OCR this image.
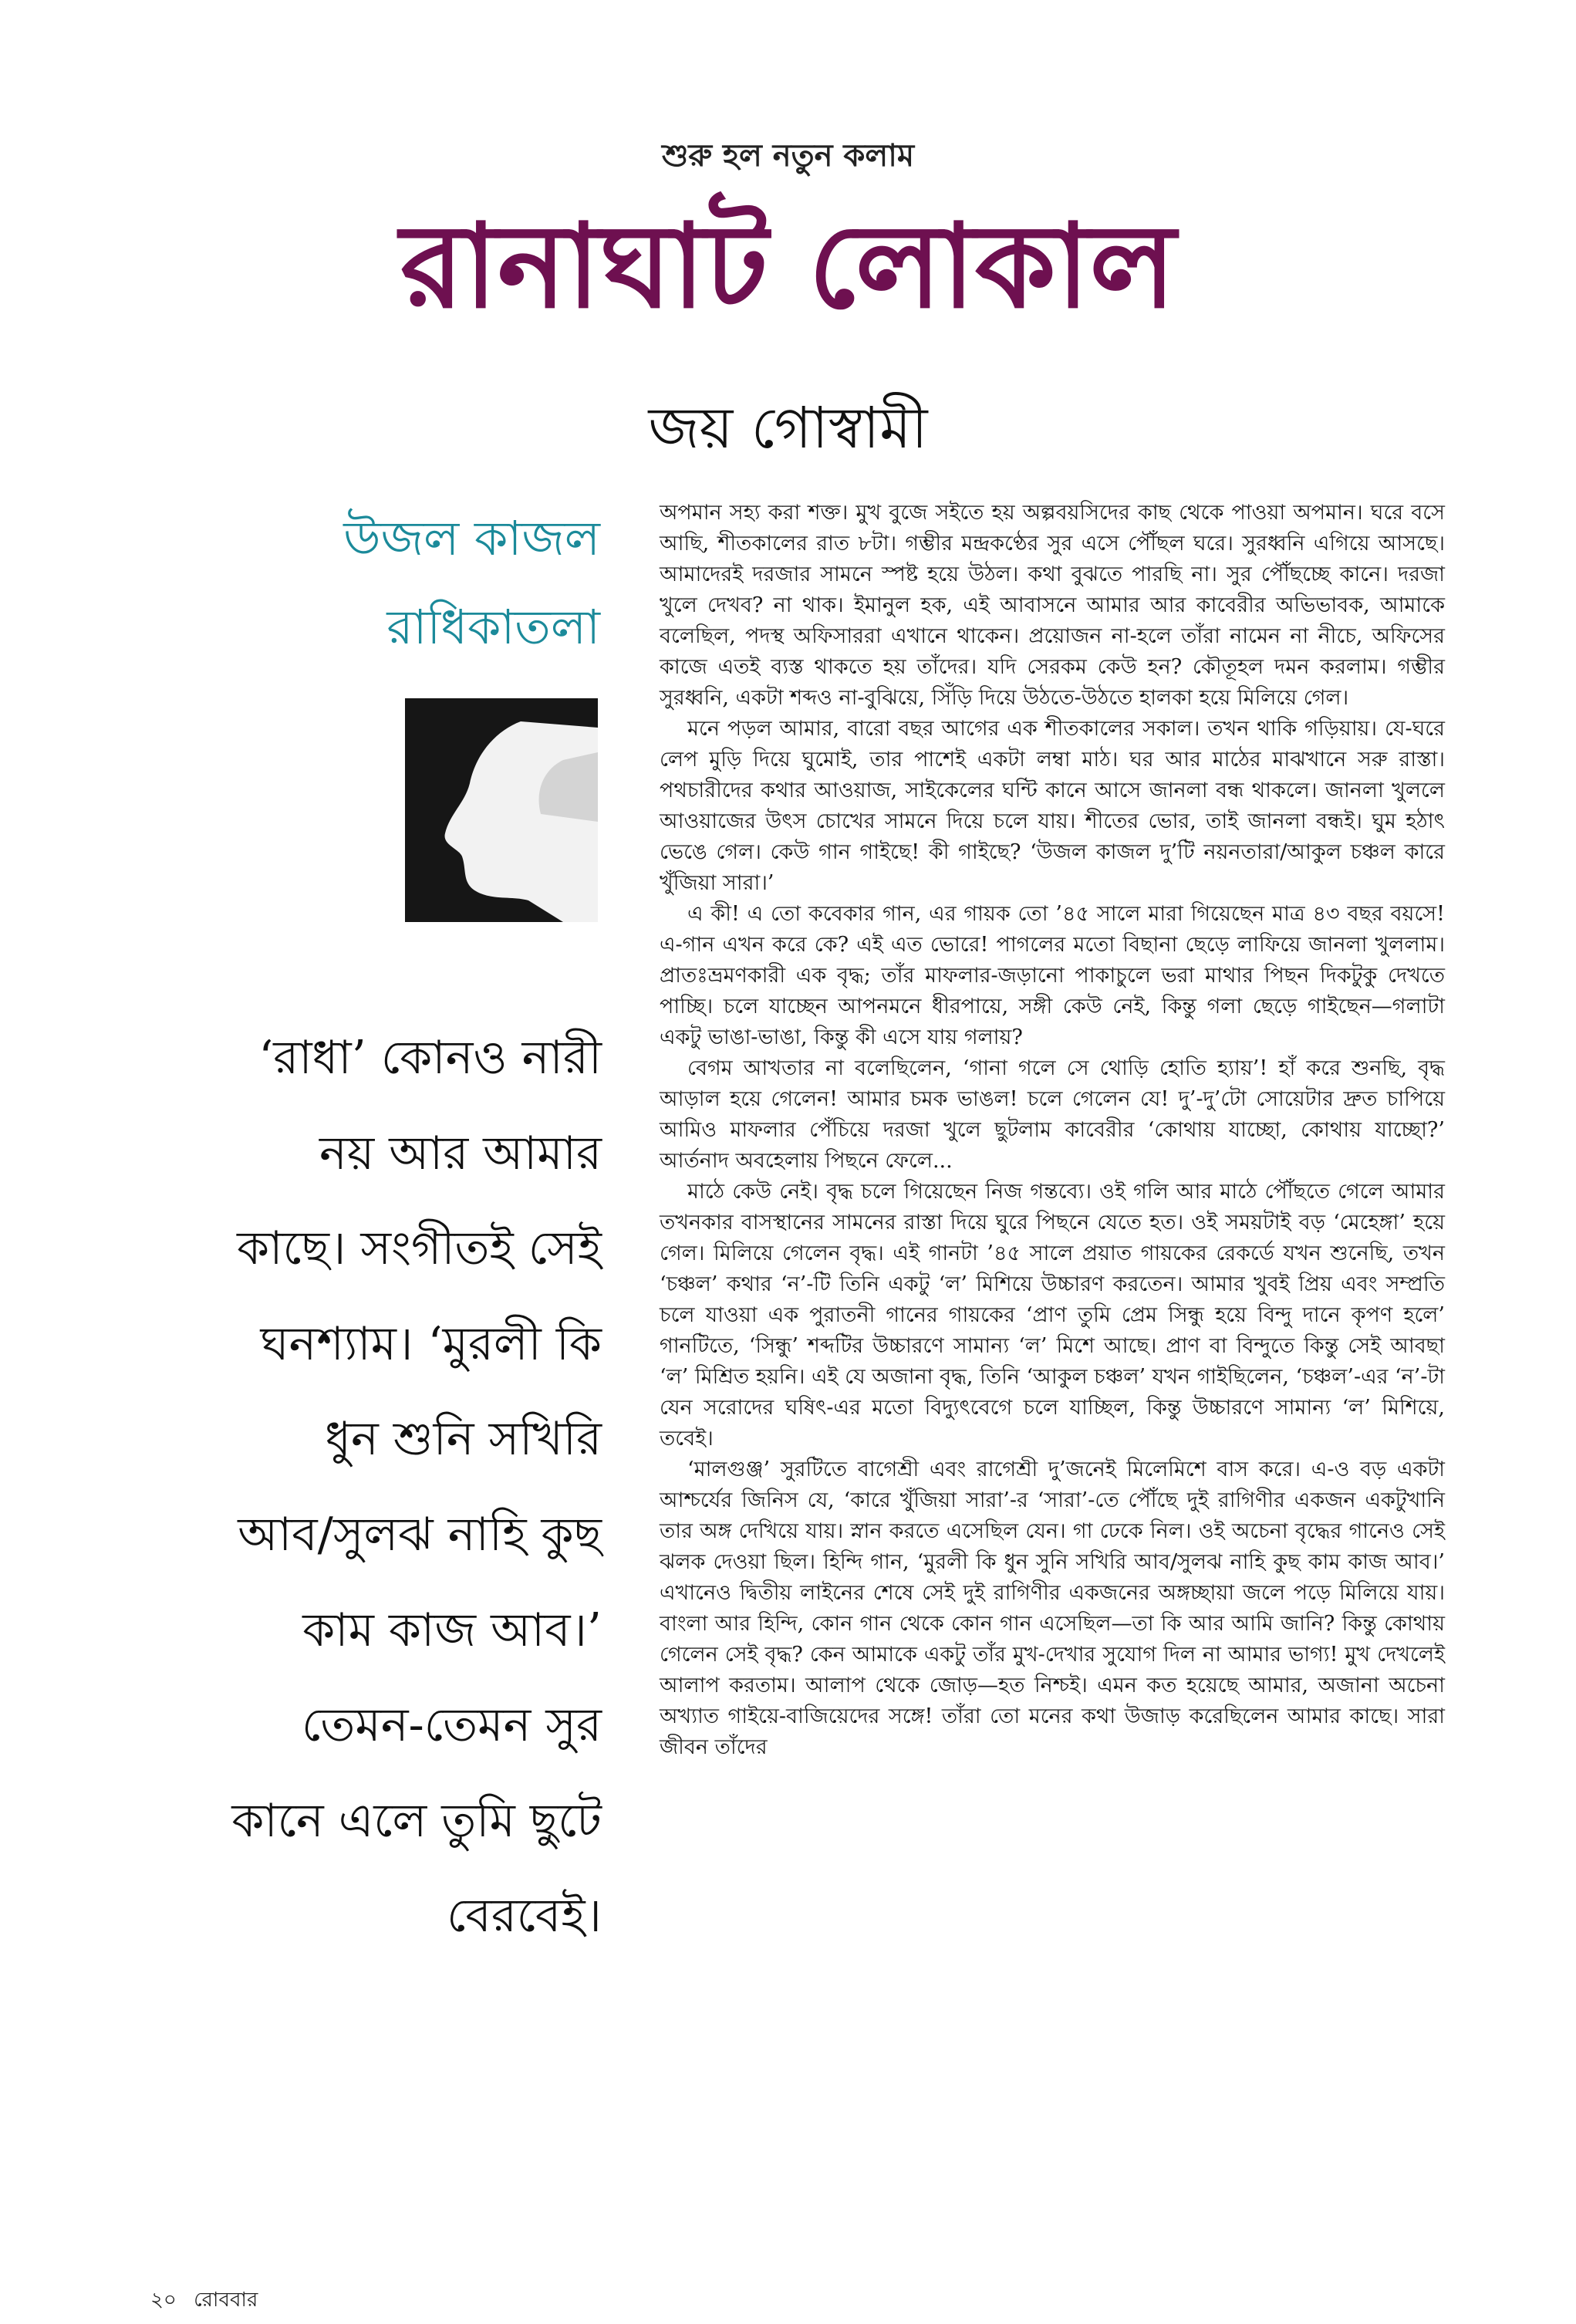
শুরু হল নতুন কলাম
রানাঘাট লোকাল
জয় গোস্বামী
উজল কাজল
রাধিকাতলা
‘রাধা’ কোনও নারী নয় আর আমার কাছে। সংগীতই সেই ঘনশ্যাম। ‘মুরলী কি ধুন শুনি সখিরি আব/সুলঝ নাহি কুছ কাম কাজ আব।’ তেমন-তেমন সুর কানে এলে তুমি ছুটে বেরবেই।

অপমান সহ্য করা শক্ত। মুখ বুজে সইতে হয় অল্পবয়সিদের কাছ থেকে পাওয়া অপমান। ঘরে বসে আছি, শীতকালের রাত ৮টা। গম্ভীর মন্দ্রকণ্ঠের সুর এসে পৌঁছল ঘরে। সুরধ্বনি এগিয়ে আসছে। আমাদেরই দরজার সামনে স্পষ্ট হয়ে উঠল। কথা বুঝতে পারছি না। সুর পৌঁছচ্ছে কানে। দরজা খুলে দেখব? না থাক। ইমানুল হক, এই আবাসনে আমার আর কাবেরীর অভিভাবক, আমাকে বলেছিল, পদস্থ অফিসাররা এখানে থাকেন। প্রয়োজন না-হলে তাঁরা নামেন না নীচে, অফিসের কাজে এতই ব্যস্ত থাকতে হয় তাঁদের। যদি সেরকম কেউ হন? কৌতূহল দমন করলাম। গম্ভীর সুরধ্বনি, একটা শব্দও না-বুঝিয়ে, সিঁড়ি দিয়ে উঠতে-উঠতে হালকা হয়ে মিলিয়ে গেল।

মনে পড়ল আমার, বারো বছর আগের এক শীতকালের সকাল। তখন থাকি গড়িয়ায়। যে-ঘরে লেপ মুড়ি দিয়ে ঘুমোই, তার পাশেই একটা লম্বা মাঠ। ঘর আর মাঠের মাঝখানে সরু রাস্তা। পথচারীদের কথার আওয়াজ, সাইকেলের ঘন্টি কানে আসে জানলা বন্ধ থাকলে। জানলা খুললে আওয়াজের উৎস চোখের সামনে দিয়ে চলে যায়। শীতের ভোর, তাই জানলা বন্ধই। ঘুম হঠাৎ ভেঙে গেল। কেউ গান গাইছে! কী গাইছে? ‘উজল কাজল দু’টি নয়নতারা/আকুল চঞ্চল কারে খুঁজিয়া সারা।’

এ কী! এ তো কবেকার গান, এর গায়ক তো ’৪৫ সালে মারা গিয়েছেন মাত্র ৪৩ বছর বয়সে! এ-গান এখন করে কে? এই এত ভোরে! পাগলের মতো বিছানা ছেড়ে লাফিয়ে জানলা খুললাম। প্রাতঃভ্রমণকারী এক বৃদ্ধ; তাঁর মাফলার-জড়ানো পাকাচুলে ভরা মাথার পিছন দিকটুকু দেখতে পাচ্ছি। চলে যাচ্ছেন আপনমনে ধীরপায়ে, সঙ্গী কেউ নেই, কিন্তু গলা ছেড়ে গাইছেন—গলাটা একটু ভাঙা-ভাঙা, কিন্তু কী এসে যায় গলায়?

বেগম আখতার না বলেছিলেন, ‘গানা গলে সে থোড়ি হোতি হ্যায়’! হাঁ করে শুনছি, বৃদ্ধ আড়াল হয়ে গেলেন! আমার চমক ভাঙল! চলে গেলেন যে! দু’-দু’টো সোয়েটার দ্রুত চাপিয়ে আমিও মাফলার পেঁচিয়ে দরজা খুলে ছুটলাম কাবেরীর ‘কোথায় যাচ্ছো, কোথায় যাচ্ছো?’ আর্তনাদ অবহেলায় পিছনে ফেলে...

মাঠে কেউ নেই। বৃদ্ধ চলে গিয়েছেন নিজ গন্তব্যে। ওই গলি আর মাঠে পৌঁছতে গেলে আমার তখনকার বাসস্থানের সামনের রাস্তা দিয়ে ঘুরে পিছনে যেতে হত। ওই সময়টাই বড় ‘মেহেঙ্গা’ হয়ে গেল। মিলিয়ে গেলেন বৃদ্ধ। এই গানটা ’৪৫ সালে প্রয়াত গায়কের রেকর্ডে যখন শুনেছি, তখন ‘চঞ্চল’ কথার ‘ন’-টি তিনি একটু ‘ল’ মিশিয়ে উচ্চারণ করতেন। আমার খুবই প্রিয় এবং সম্প্রতি চলে যাওয়া এক পুরাতনী গানের গায়কের ‘প্রাণ তুমি প্রেম সিন্ধু হয়ে বিন্দু দানে কৃপণ হলে’ গানটিতে, ‘সিন্ধু’ শব্দটির উচ্চারণে সামান্য ‘ল’ মিশে আছে। প্রাণ বা বিন্দুতে কিন্তু সেই আবছা ‘ল’ মিশ্রিত হয়নি। এই যে অজানা বৃদ্ধ, তিনি ‘আকুল চঞ্চল’ যখন গাইছিলেন, ‘চঞ্চল’-এর ‘ন’-টা যেন সরোদের ঘষিৎ-এর মতো বিদ্যুৎবেগে চলে যাচ্ছিল, কিন্তু উচ্চারণে সামান্য ‘ল’ মিশিয়ে, তবেই।

‘মালগুঞ্জ’ সুরটিতে বাগেশ্রী এবং রাগেশ্রী দু’জনেই মিলেমিশে বাস করে। এ-ও বড় একটা আশ্চর্যের জিনিস যে, ‘কারে খুঁজিয়া সারা’-র ‘সারা’-তে পৌঁছে দুই রাগিণীর একজন একটুখানি তার অঙ্গ দেখিয়ে যায়। স্নান করতে এসেছিল যেন। গা ঢেকে নিল। ওই অচেনা বৃদ্ধের গানেও সেই ঝলক দেওয়া ছিল। হিন্দি গান, ‘মুরলী কি ধুন সুনি সখিরি আব/সুলঝ নাহি কুছ কাম কাজ আব।’ এখানেও দ্বিতীয় লাইনের শেষে সেই দুই রাগিণীর একজনের অঙ্গচ্ছায়া জলে পড়ে মিলিয়ে যায়। বাংলা আর হিন্দি, কোন গান থেকে কোন গান এসেছিল—তা কি আর আমি জানি? কিন্তু কোথায় গেলেন সেই বৃদ্ধ? কেন আমাকে একটু তাঁর মুখ-দেখার সুযোগ দিল না আমার ভাগ্য! মুখ দেখলেই আলাপ করতাম। আলাপ থেকে জোড়—হত নিশ্চই। এমন কত হয়েছে আমার, অজানা অচেনা অখ্যাত গাইয়ে-বাজিয়েদের সঙ্গে! তাঁরা তো মনের কথা উজাড় করেছিলেন আমার কাছে। সারা জীবন তাঁদের

২০ রোববার
